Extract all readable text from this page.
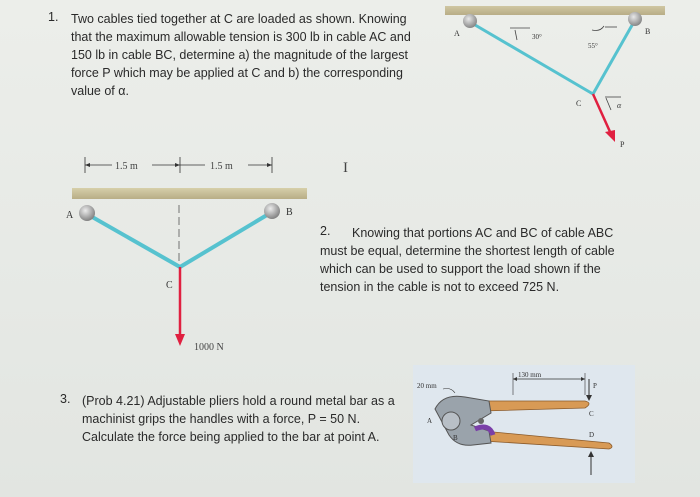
1. Two cables tied together at C are loaded as shown. Knowing
that the maximum allowable tension is 300 lb in cable AC and
150 lb in cable BC, determine a) the magnitude of the largest
force P which may be applied at C and b) the corresponding
value of α.
A	B
C
P
α
30°
55°
I
1.5 m	1.5 m
A	B
C
1000 N
2.	Knowing that portions AC and BC of cable ABC
must be equal, determine the shortest length of cable
which can be used to support the load shown if the
tension in the cable is not to exceed 725 N.
3. (Prob 4.21) Adjustable pliers hold a round metal bar as a
machinist grips the handles with a force, P = 50 N.
Calculate the force being applied to the bar at point A.
130 mm
20 mm
A
B
C
D
P
